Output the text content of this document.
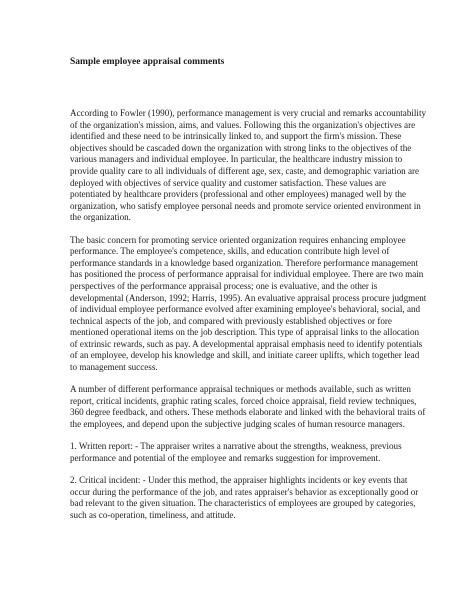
Sample employee appraisal comments

According to Fowler (1990), performance management is very crucial and remarks accountability of the organization's mission, aims, and values. Following this the organization's objectives are identified and these need to be intrinsically linked to, and support the firm's mission. These objectives should be cascaded down the organization with strong links to the objectives of the various managers and individual employee. In particular, the healthcare industry mission to provide quality care to all individuals of different age, sex, caste, and demographic variation are deployed with objectives of service quality and customer satisfaction. These values are potentiated by healthcare providers (professional and other employees) managed well by the organization, who satisfy employee personal needs and promote service oriented environment in the organization.

The basic concern for promoting service oriented organization requires enhancing employee performance. The employee's competence, skills, and education contribute high level of performance standards in a knowledge based organization. Therefore performance management has positioned the process of performance appraisal for individual employee. There are two main perspectives of the performance appraisal process; one is evaluative, and the other is developmental (Anderson, 1992; Harris, 1995). An evaluative appraisal process procure judgment of individual employee performance evolved after examining employee's behavioral, social, and technical aspects of the job, and compared with previously established objectives or fore mentioned operational items on the job description. This type of appraisal links to the allocation of extrinsic rewards, such as pay. A developmental appraisal emphasis need to identify potentials of an employee, develop his knowledge and skill, and initiate career uplifts, which together lead to management success.

A number of different performance appraisal techniques or methods available, such as written report, critical incidents, graphic rating scales, forced choice appraisal, field review techniques, 360 degree feedback, and others. These methods elaborate and linked with the behavioral traits of the employees, and depend upon the subjective judging scales of human resource managers.

1. Written report: - The appraiser writes a narrative about the strengths, weakness, previous performance and potential of the employee and remarks suggestion for improvement.

2. Critical incident: - Under this method, the appraiser highlights incidents or key events that occur during the performance of the job, and rates appraiser's behavior as exceptionally good or bad relevant to the given situation. The characteristics of employees are grouped by categories, such as co-operation, timeliness, and attitude.
